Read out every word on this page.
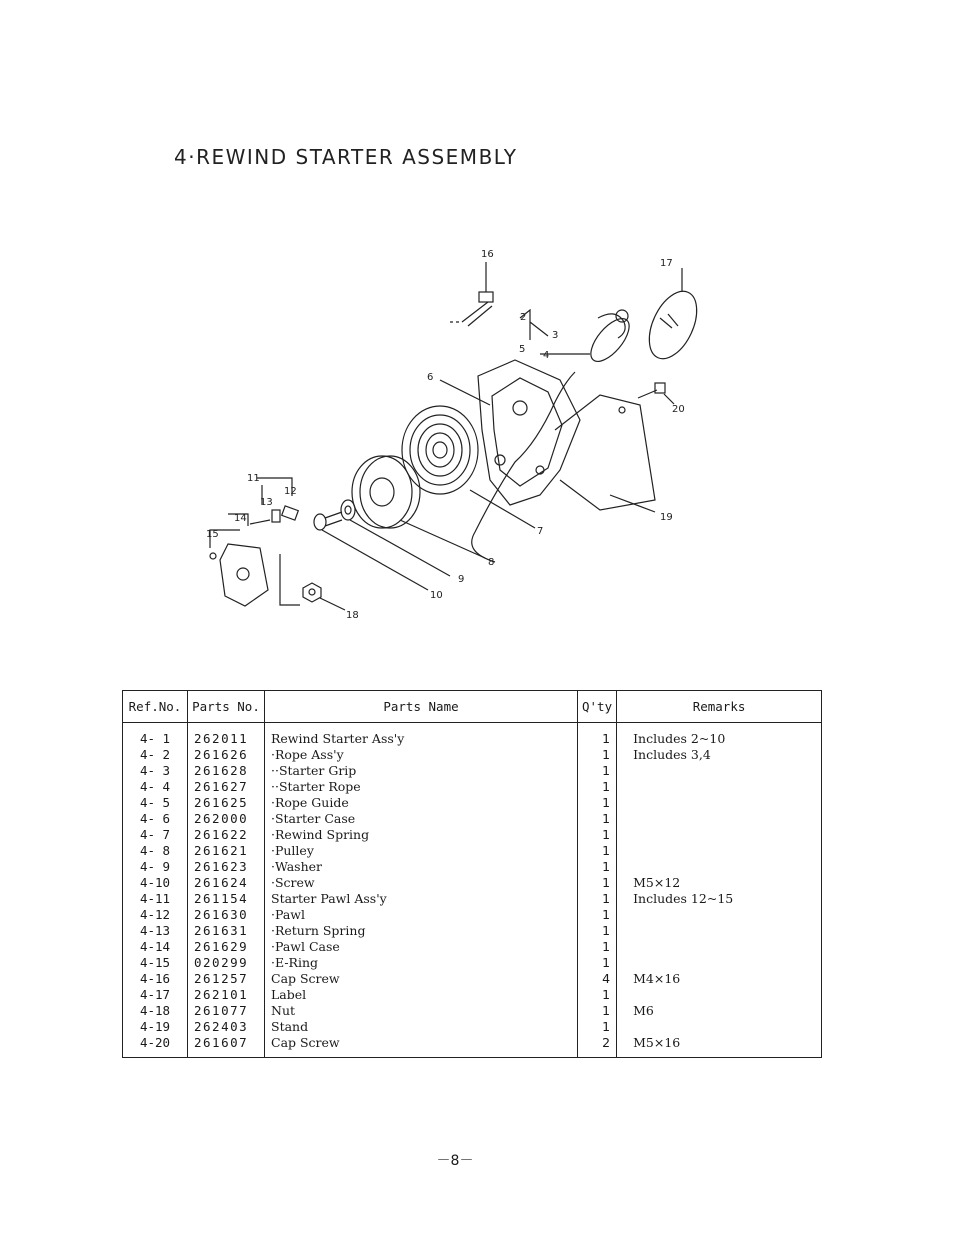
4·REWIND STARTER ASSEMBLY
16
17
2
3
5
4
6
20
19
7
8
9
10
11
12
13
14
15
18
Ref.No.	Parts No.	Parts Name	Q'ty	Remarks
4- 1	262011	Rewind Starter Ass'y	1	Includes 2~10
4- 2	261626	·Rope Ass'y	1	Includes 3,4
4- 3	261628	··Starter Grip	1	
4- 4	261627	··Starter Rope	1	
4- 5	261625	·Rope Guide	1	
4- 6	262000	·Starter Case	1	
4- 7	261622	·Rewind Spring	1	
4- 8	261621	·Pulley	1	
4- 9	261623	·Washer	1	
4-10	261624	·Screw	1	M5×12
4-11	261154	Starter Pawl Ass'y	1	Includes 12~15
4-12	261630	·Pawl	1	
4-13	261631	·Return Spring	1	
4-14	261629	·Pawl Case	1	
4-15	020299	·E-Ring	1	
4-16	261257	Cap Screw	4	M4×16
4-17	262101	Label	1	
4-18	261077	Nut	1	M6
4-19	262403	Stand	1	
4-20	261607	Cap Screw	2	M5×16
－8－
